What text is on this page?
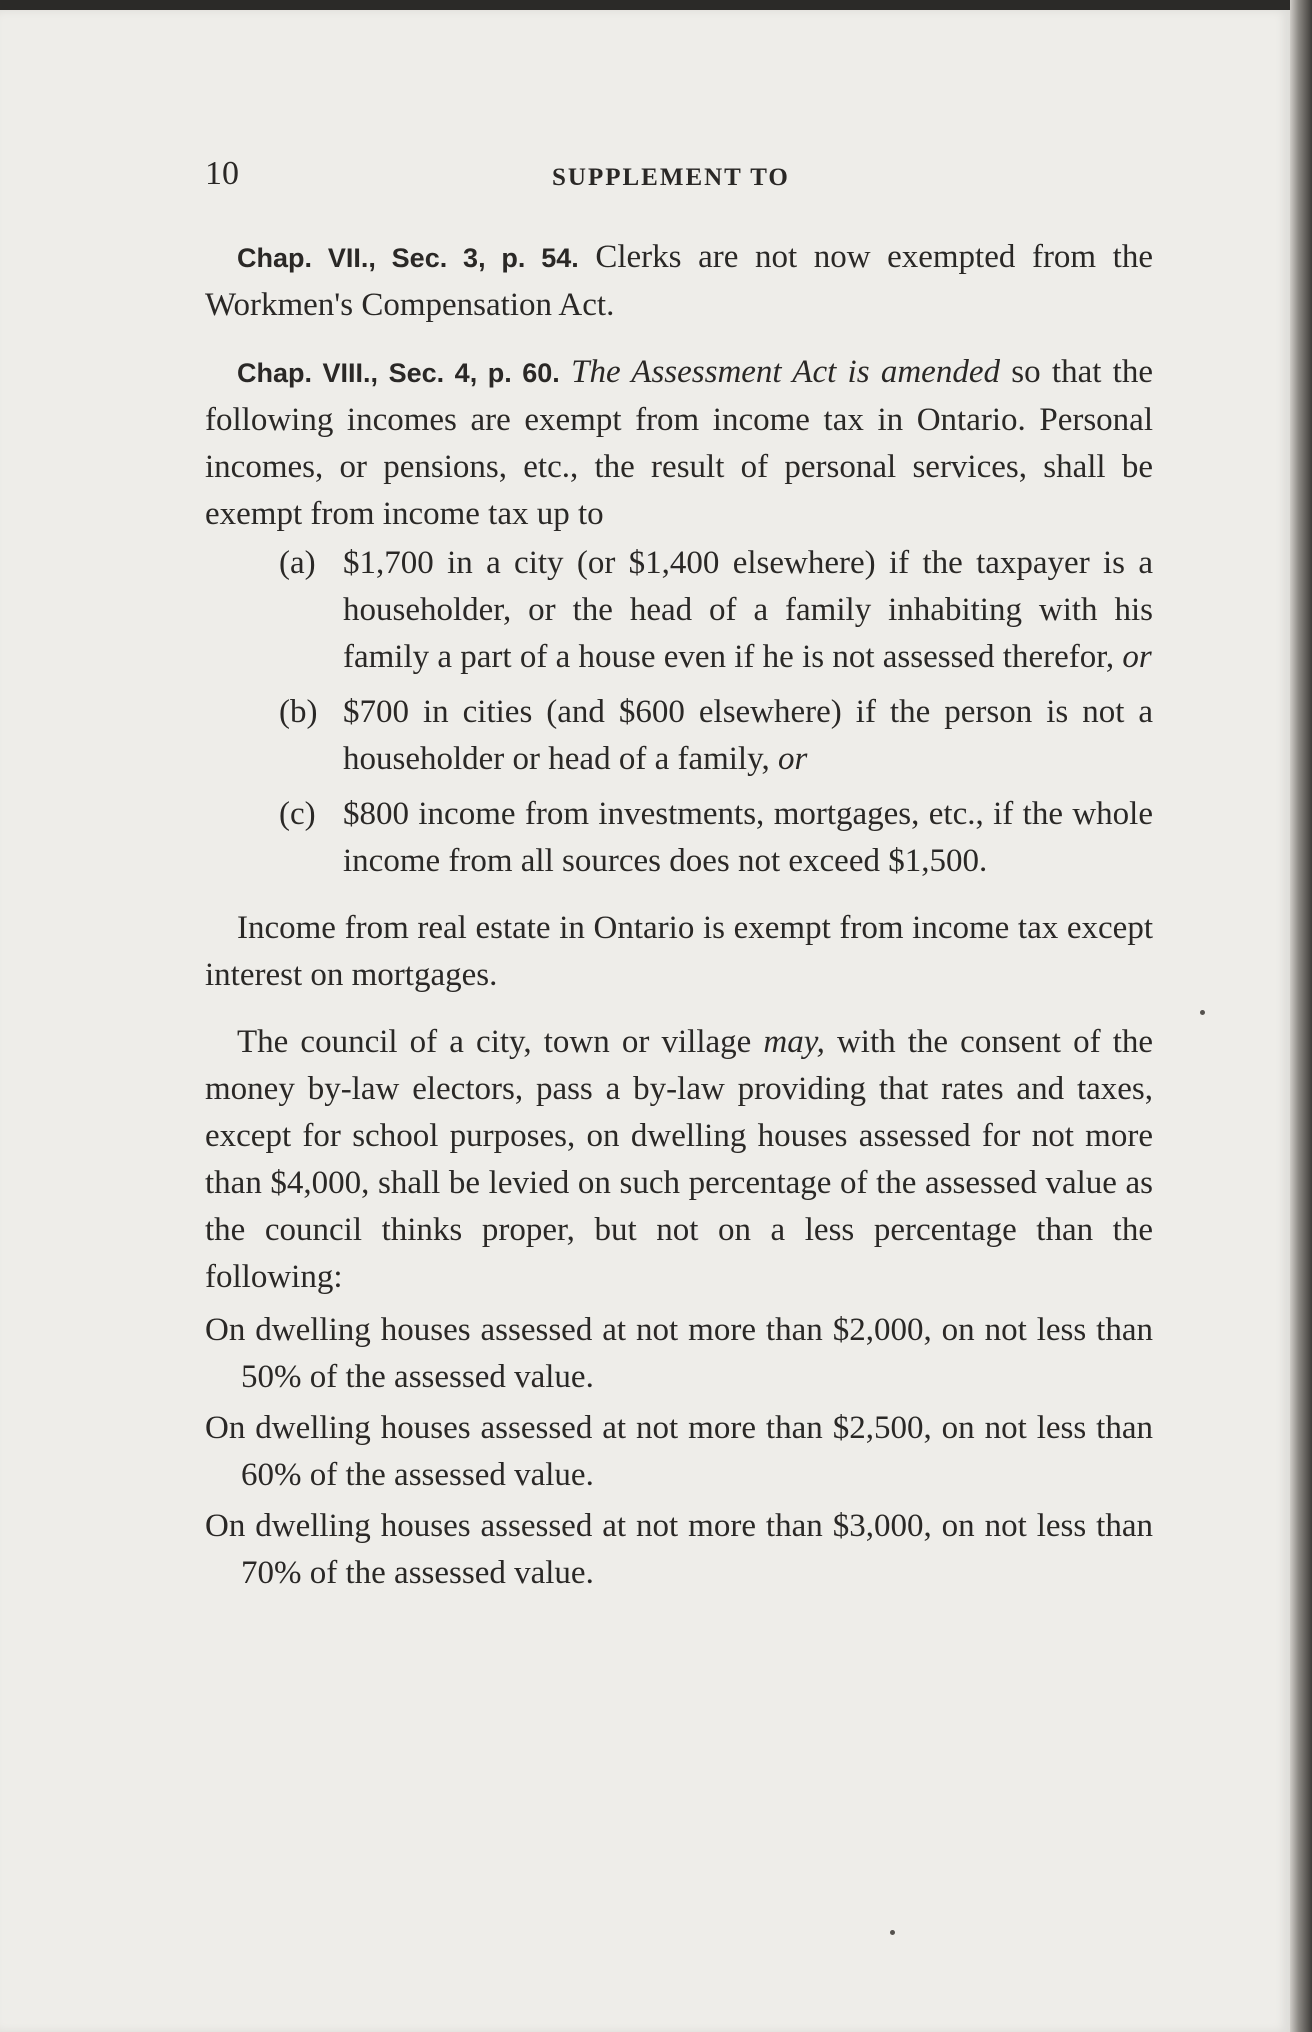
10	SUPPLEMENT TO

Chap. VII., Sec. 3, p. 54. Clerks are not now exempted from the Workmen's Compensation Act.

Chap. VIII., Sec. 4, p. 60. The Assessment Act is amended so that the following incomes are exempt from income tax in Ontario. Personal incomes, or pensions, etc., the result of personal services, shall be exempt from income tax up to

(a) $1,700 in a city (or $1,400 elsewhere) if the taxpayer is a householder, or the head of a family inhabiting with his family a part of a house even if he is not assessed therefor, or
(b) $700 in cities (and $600 elsewhere) if the person is not a householder or head of a family, or
(c) $800 income from investments, mortgages, etc., if the whole income from all sources does not exceed $1,500.

Income from real estate in Ontario is exempt from income tax except interest on mortgages.

The council of a city, town or village may, with the consent of the money by-law electors, pass a by-law providing that rates and taxes, except for school purposes, on dwelling houses assessed for not more than $4,000, shall be levied on such percentage of the assessed value as the council thinks proper, but not on a less percentage than the following:

On dwelling houses assessed at not more than $2,000, on not less than 50% of the assessed value.

On dwelling houses assessed at not more than $2,500, on not less than 60% of the assessed value.

On dwelling houses assessed at not more than $3,000, on not less than 70% of the assessed value.
